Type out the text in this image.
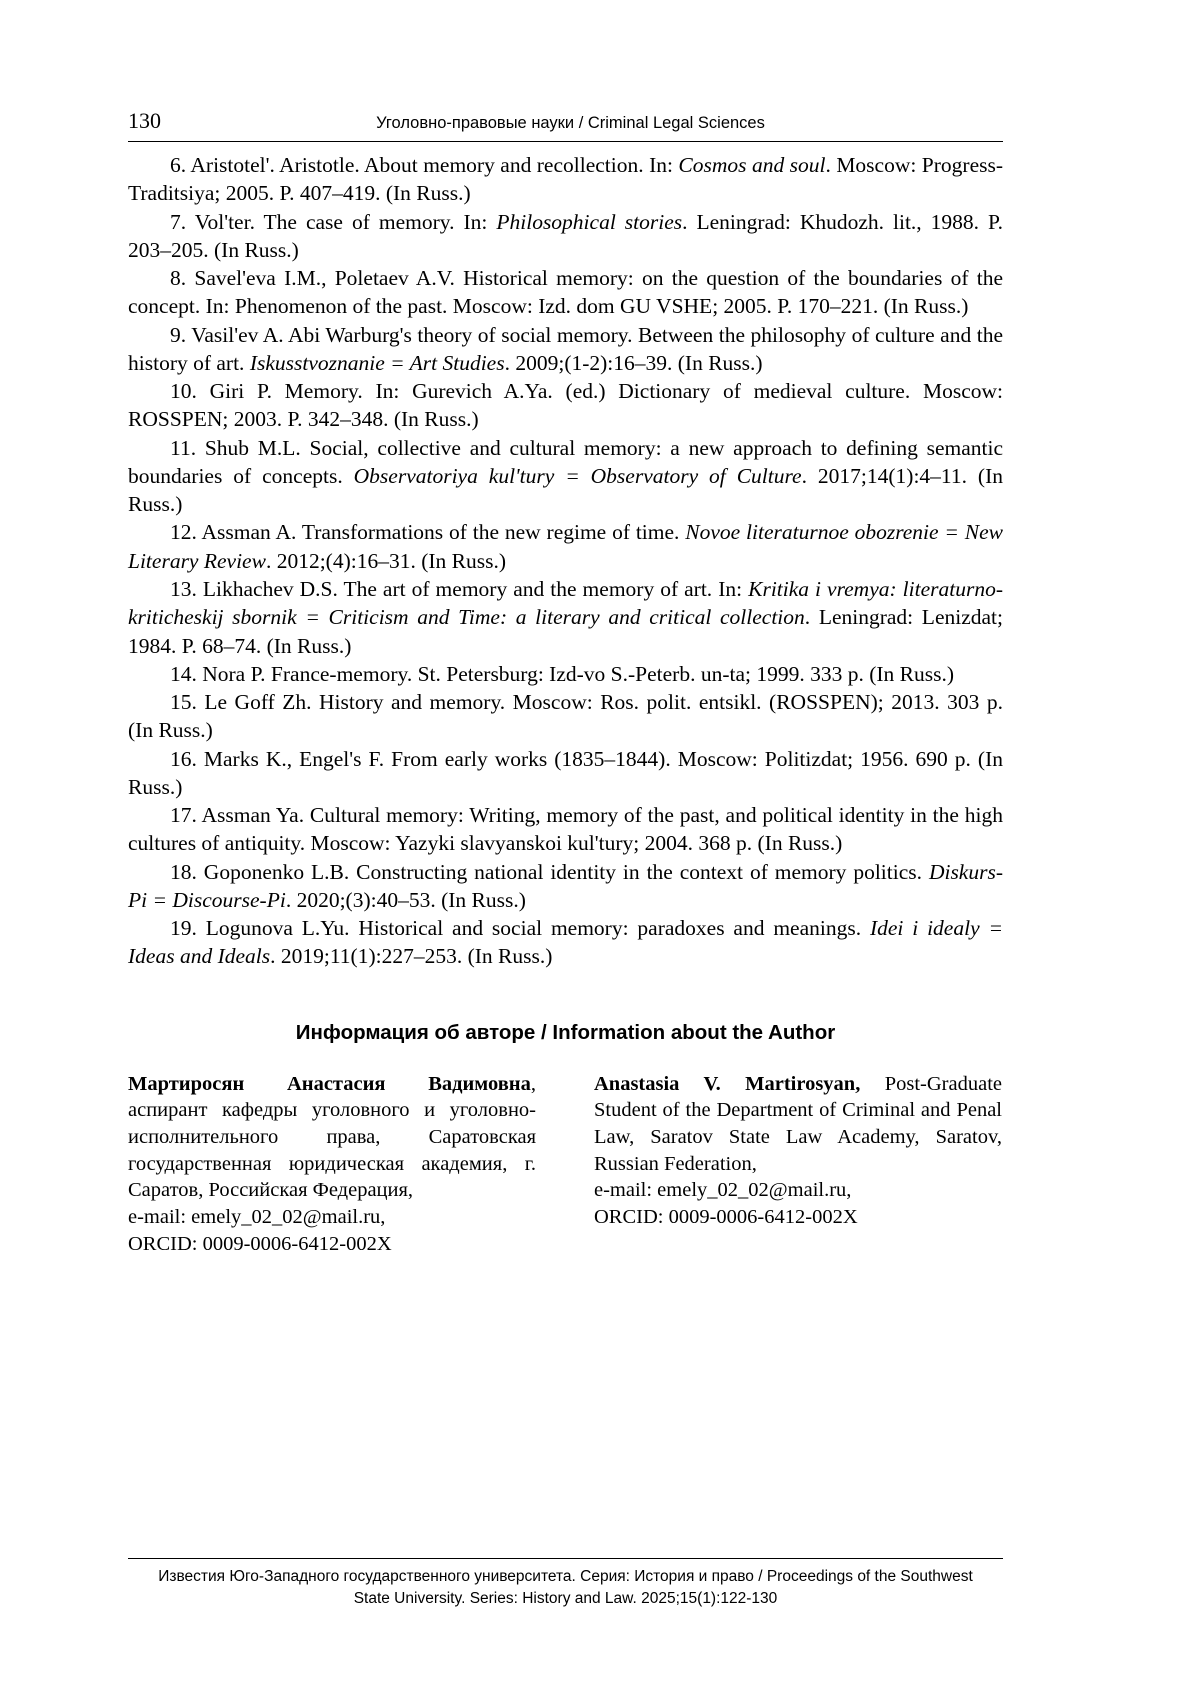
130	Уголовно-правовые науки / Criminal Legal Sciences

6. Aristotel'. Aristotle. About memory and recollection. In: Cosmos and soul. Moscow: Progress-Traditsiya; 2005. P. 407–419. (In Russ.)

7. Vol'ter. The case of memory. In: Philosophical stories. Leningrad: Khudozh. lit., 1988. P. 203–205. (In Russ.)

8. Savel'eva I.M., Poletaev A.V. Historical memory: on the question of the boundaries of the concept. In: Phenomenon of the past. Moscow: Izd. dom GU VSHE; 2005. P. 170–221. (In Russ.)

9. Vasil'ev A. Abi Warburg's theory of social memory. Between the philosophy of culture and the history of art. Iskusstvoznanie = Art Studies. 2009;(1-2):16–39. (In Russ.)

10. Giri P. Memory. In: Gurevich A.Ya. (ed.) Dictionary of medieval culture. Moscow: ROSSPEN; 2003. P. 342–348. (In Russ.)

11. Shub M.L. Social, collective and cultural memory: a new approach to defining semantic boundaries of concepts. Observatoriya kul'tury = Observatory of Culture. 2017;14(1):4–11. (In Russ.)

12. Assman A. Transformations of the new regime of time. Novoe literaturnoe obozrenie = New Literary Review. 2012;(4):16–31. (In Russ.)

13. Likhachev D.S. The art of memory and the memory of art. In: Kritika i vremya: literaturno-kriticheskij sbornik = Criticism and Time: a literary and critical collection. Leningrad: Lenizdat; 1984. P. 68–74. (In Russ.)

14. Nora P. France-memory. St. Petersburg: Izd-vo S.-Peterb. un-ta; 1999. 333 p. (In Russ.)

15. Le Goff Zh. History and memory. Moscow: Ros. polit. entsikl. (ROSSPEN); 2013. 303 p. (In Russ.)

16. Marks K., Engel's F. From early works (1835–1844). Moscow: Politizdat; 1956. 690 p. (In Russ.)

17. Assman Ya. Cultural memory: Writing, memory of the past, and political identity in the high cultures of antiquity. Moscow: Yazyki slavyanskoi kul'tury; 2004. 368 p. (In Russ.)

18. Goponenko L.B. Constructing national identity in the context of memory politics. Diskurs-Pi = Discourse-Pi. 2020;(3):40–53. (In Russ.)

19. Logunova L.Yu. Historical and social memory: paradoxes and meanings. Idei i idealy = Ideas and Ideals. 2019;11(1):227–253. (In Russ.)

Информация об авторе / Information about the Author

Мартиросян Анастасия Вадимовна, аспирант кафедры уголовного и уголовно-исполнительного права, Саратовская государственная юридическая академия, г. Саратов, Российская Федерация,

e-mail: emely_02_02@mail.ru,

ORCID: 0009-0006-6412-002X

Anastasia V. Martirosyan, Post-Graduate Student of the Department of Criminal and Penal Law, Saratov State Law Academy, Saratov, Russian Federation,

e-mail: emely_02_02@mail.ru,

ORCID: 0009-0006-6412-002X

Известия Юго-Западного государственного университета. Серия: История и право / Proceedings of the Southwest
State University. Series: History and Law. 2025;15(1):122-130
